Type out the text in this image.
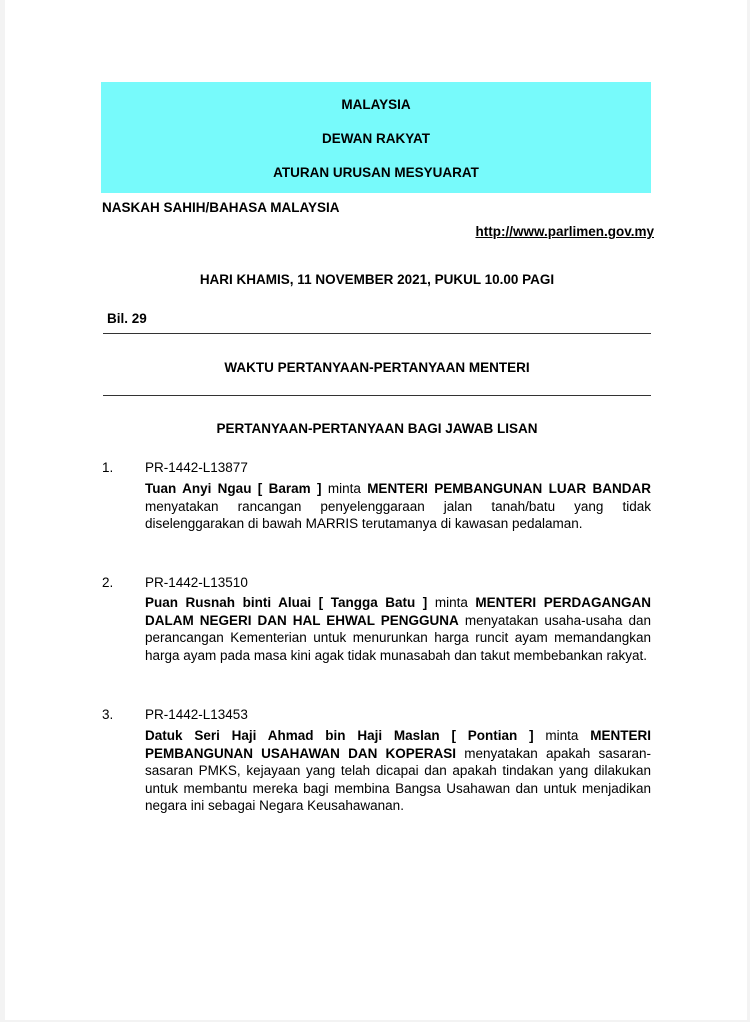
MALAYSIA
DEWAN RAKYAT
ATURAN URUSAN MESYUARAT
NASKAH SAHIH/BAHASA MALAYSIA
http://www.parlimen.gov.my
HARI KHAMIS, 11 NOVEMBER 2021, PUKUL 10.00 PAGI
Bil. 29
WAKTU PERTANYAAN-PERTANYAAN MENTERI
PERTANYAAN-PERTANYAAN BAGI JAWAB LISAN
1. PR-1442-L13877
Tuan Anyi Ngau [ Baram ] minta MENTERI PEMBANGUNAN LUAR BANDAR menyatakan rancangan penyelenggaraan jalan tanah/batu yang tidak diselenggarakan di bawah MARRIS terutamanya di kawasan pedalaman.
2. PR-1442-L13510
Puan Rusnah binti Aluai [ Tangga Batu ] minta MENTERI PERDAGANGAN DALAM NEGERI DAN HAL EHWAL PENGGUNA menyatakan usaha-usaha dan perancangan Kementerian untuk menurunkan harga runcit ayam memandangkan harga ayam pada masa kini agak tidak munasabah dan takut membebankan rakyat.
3. PR-1442-L13453
Datuk Seri Haji Ahmad bin Haji Maslan [ Pontian ] minta MENTERI PEMBANGUNAN USAHAWAN DAN KOPERASI menyatakan apakah sasaran-sasaran PMKS, kejayaan yang telah dicapai dan apakah tindakan yang dilakukan untuk membantu mereka bagi membina Bangsa Usahawan dan untuk menjadikan negara ini sebagai Negara Keusahawanan.
